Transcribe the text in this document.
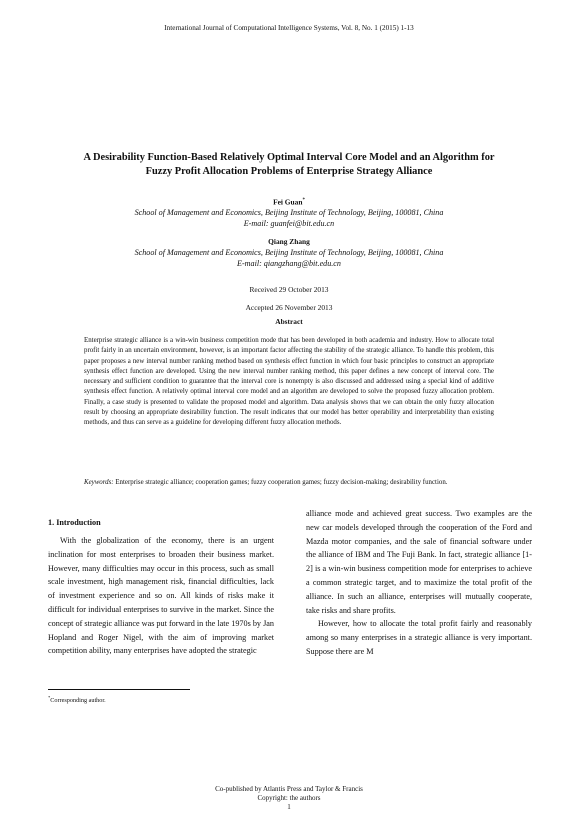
International Journal of Computational Intelligence Systems, Vol. 8, No. 1 (2015) 1-13
A Desirability Function-Based Relatively Optimal Interval Core Model and an Algorithm for
Fuzzy Profit Allocation Problems of Enterprise Strategy Alliance
Fei Guan*
School of Management and Economics, Beijing Institute of Technology, Beijing, 100081, China
E-mail: guanfei@bit.edu.cn
Qiang Zhang
School of Management and Economics, Beijing Institute of Technology, Beijing, 100081, China
E-mail: qiangzhang@bit.edu.cn
Received 29 October 2013
Accepted 26 November 2013
Abstract

Enterprise strategic alliance is a win-win business competition mode that has been developed in both academia and industry. How to allocate total profit fairly in an uncertain environment, however, is an important factor affecting the stability of the strategic alliance. To handle this problem, this paper proposes a new interval number ranking method based on synthesis effect function in which four basic principles to construct an appropriate synthesis effect function are developed. Using the new interval number ranking method, this paper defines a new concept of interval core. The necessary and sufficient condition to guarantee that the interval core is nonempty is also discussed and addressed using a special kind of additive synthesis effect function. A relatively optimal interval core model and an algorithm are developed to solve the proposed fuzzy allocation problem. Finally, a case study is presented to validate the proposed model and algorithm. Data analysis shows that we can obtain the only fuzzy allocation result by choosing an appropriate desirability function. The result indicates that our model has better operability and interpretability than existing methods, and thus can serve as a guideline for developing different fuzzy allocation methods.

Keywords: Enterprise strategic alliance; cooperation games; fuzzy cooperation games; fuzzy decision-making; desirability function.

1. Introduction

With the globalization of the economy, there is an urgent inclination for most enterprises to broaden their business market. However, many difficulties may occur in this process, such as small scale investment, high management risk, financial difficulties, lack of investment experience and so on. All kinds of risks make it difficult for individual enterprises to survive in the market. Since the concept of strategic alliance was put forward in the late 1970s by Jan Hopland and Roger Nigel, with the aim of improving market competition ability, many enterprises have adopted the strategic

alliance mode and achieved great success. Two examples are the new car models developed through the cooperation of the Ford and Mazda motor companies, and the sale of financial software under the alliance of IBM and The Fuji Bank. In fact, strategic alliance [1-2] is a win-win business competition mode for enterprises to achieve a common strategic target, and to maximize the total profit of the alliance. In such an alliance, enterprises will mutually cooperate, take risks and share profits.
However, how to allocate the total profit fairly and reasonably among so many enterprises in a strategic alliance is very important. Suppose there are M
*Corresponding author.
Co-published by Atlantis Press and Taylor & Francis
Copyright: the authors
1
